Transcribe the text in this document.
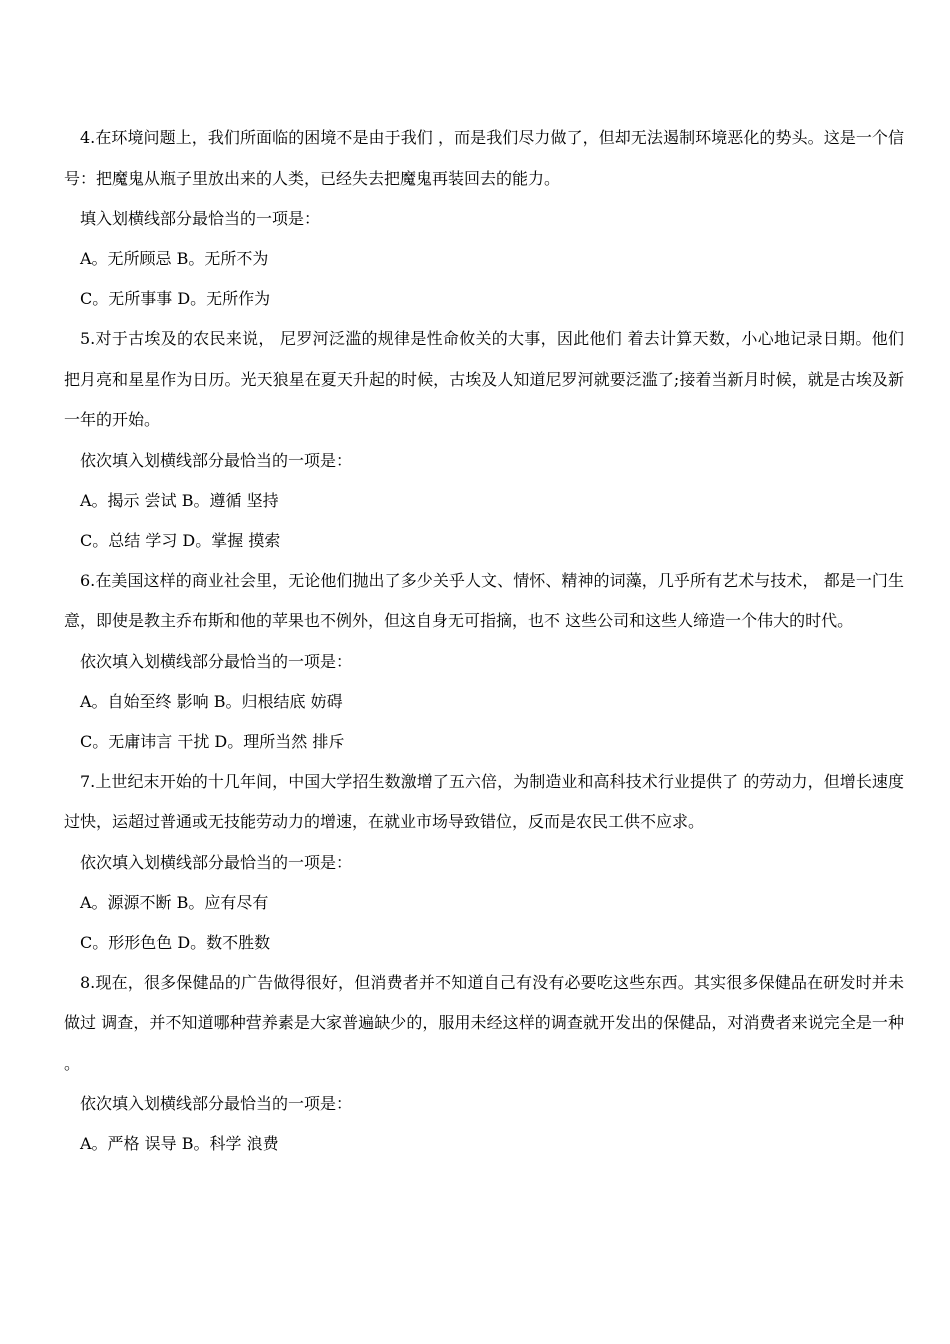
4.在环境问题上，我们所面临的困境不是由于我们 ，而是我们尽力做了，但却无法遏制环境恶化的势头。这是一个信号：把魔鬼从瓶子里放出来的人类，已经失去把魔鬼再装回去的能力。

填入划横线部分最恰当的一项是：

A。无所顾忌 B。无所不为

C。无所事事 D。无所作为

5.对于古埃及的农民来说， 尼罗河泛滥的规律是性命攸关的大事，因此他们 着去计算天数，小心地记录日期。他们把月亮和星星作为日历。光天狼星在夏天升起的时候，古埃及人知道尼罗河就要泛滥了;接着当新月时候，就是古埃及新一年的开始。

依次填入划横线部分最恰当的一项是：

A。揭示 尝试 B。遵循 坚持

C。总结 学习 D。掌握 摸索

6.在美国这样的商业社会里，无论他们抛出了多少关乎人文、情怀、精神的词藻，几乎所有艺术与技术， 都是一门生意，即使是教主乔布斯和他的苹果也不例外，但这自身无可指摘，也不 这些公司和这些人缔造一个伟大的时代。

依次填入划横线部分最恰当的一项是：

A。自始至终 影响 B。归根结底 妨碍

C。无庸讳言 干扰 D。理所当然 排斥

7.上世纪末开始的十几年间，中国大学招生数激增了五六倍，为制造业和高科技术行业提供了 的劳动力，但增长速度过快，运超过普通或无技能劳动力的增速，在就业市场导致错位，反而是农民工供不应求。

依次填入划横线部分最恰当的一项是：

A。源源不断 B。应有尽有

C。形形色色 D。数不胜数

8.现在，很多保健品的广告做得很好，但消费者并不知道自己有没有必要吃这些东西。其实很多保健品在研发时并未做过 调查，并不知道哪种营养素是大家普遍缺少的，服用未经这样的调查就开发出的保健品，对消费者来说完全是一种 。

依次填入划横线部分最恰当的一项是：

A。严格 误导 B。科学 浪费
